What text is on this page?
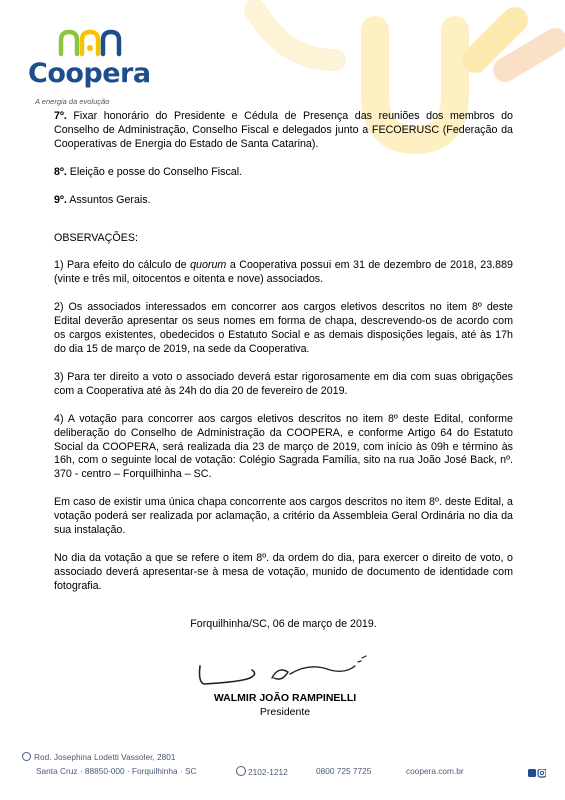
Coopera
A energia da evolução

7º. Fixar honorário do Presidente e Cédula de Presença das reuniões dos membros do Conselho de Administração, Conselho Fiscal e delegados junto a FECOERUSC (Federação da Cooperativas de Energia do Estado de Santa Catarina).

8º. Eleição e posse do Conselho Fiscal.

9º. Assuntos Gerais.

OBSERVAÇÕES:

1) Para efeito do cálculo de quorum a Cooperativa possui em 31 de dezembro de 2018, 23.889 (vinte e três mil, oitocentos e oitenta e nove) associados.

2) Os associados interessados em concorrer aos cargos eletivos descritos no item 8º deste Edital deverão apresentar os seus nomes em forma de chapa, descrevendo-os de acordo com os cargos existentes, obedecidos o Estatuto Social e as demais disposições legais, até às 17h do dia 15 de março de 2019, na sede da Cooperativa.

3) Para ter direito a voto o associado deverá estar rigorosamente em dia com suas obrigações com a Cooperativa até às 24h do dia 20 de fevereiro de 2019.

4) A votação para concorrer aos cargos eletivos descritos no item 8º deste Edital, conforme deliberação do Conselho de Administração da COOPERA, e conforme Artigo 64 do Estatuto Social da COOPERA, será realizada dia 23 de março de 2019, com início às 09h e término às 16h, com o seguinte local de votação: Colégio Sagrada Família, sito na rua João José Back, nº. 370 - centro – Forquilhinha – SC.

Em caso de existir uma única chapa concorrente aos cargos descritos no item 8º. deste Edital, a votação poderá ser realizada por aclamação, a critério da Assembleia Geral Ordinária no dia da sua instalação.

No dia da votação a que se refere o item 8º. da ordem do dia, para exercer o direito de voto, o associado deverá apresentar-se à mesa de votação, munido de documento de identidade com fotografia.

Forquilhinha/SC, 06 de março de 2019.

WALMIR JOÃO RAMPINELLI
Presidente
Rod. Josephina Lodetti Vassoler, 2801
Santa Cruz · 88850-000 · Forquilhinha · SC	2102-1212	0800 725 7725	coopera.com.br
